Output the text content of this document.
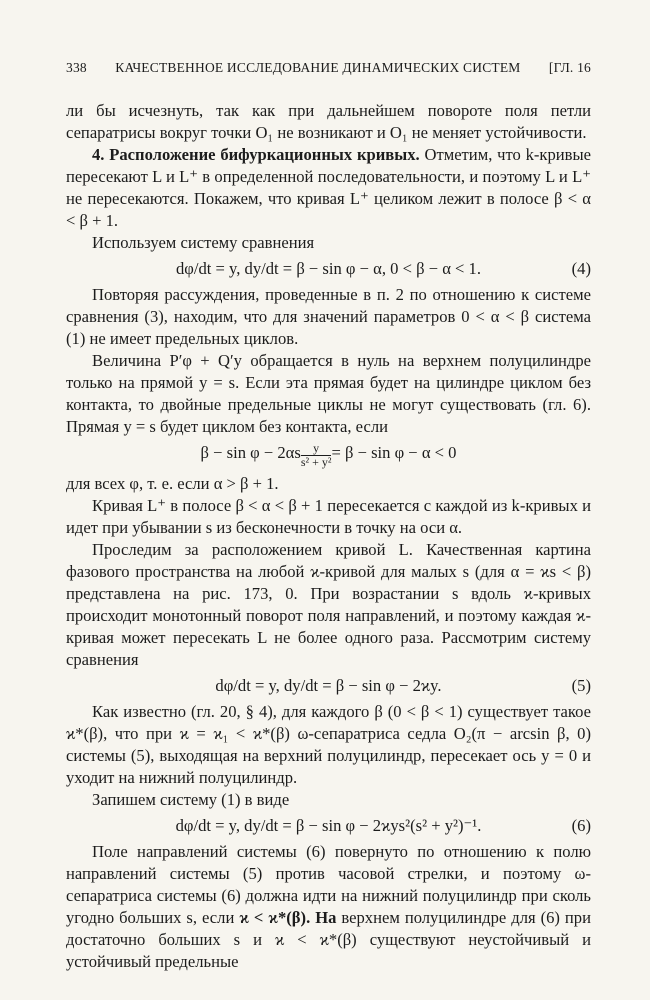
338 КАЧЕСТВЕННОЕ ИССЛЕДОВАНИЕ ДИНАМИЧЕСКИХ СИСТЕМ [ГЛ. 16

ли бы исчезнуть, так как при дальнейшем повороте поля петли сепаратрисы вокруг точки O₁ не возникают и O₁ не меняет устойчивости.

4. Расположение бифуркационных кривых. Отметим, что k-кривые пересекают L и L⁺ в определенной последовательности, и поэтому L и L⁺ не пересекаются. Покажем, что кривая L⁺ целиком лежит в полосе β < α < β + 1.

Используем систему сравнения

dφ/dt = y, dy/dt = β − sin φ − α, 0 < β − α < 1.	(4)

Повторяя рассуждения, проведенные в п. 2 по отношению к системе сравнения (3), находим, что для значений параметров 0 < α < β система (1) не имеет предельных циклов.

Величина P′φ + Q′y обращается в нуль на верхнем полуцилиндре только на прямой y = s. Если эта прямая будет на цилиндре циклом без контакта, то двойные предельные циклы не могут существовать (гл. 6). Прямая y = s будет циклом без контакта, если

$\beta - \sin \varphi - 2\alpha s \frac{y}{\text{s² + y²}} = \beta - \sin \varphi - \alpha < 0$

для всех φ, т. е. если α > β + 1.

Кривая L⁺ в полосе β < α < β + 1 пересекается с каждой из k-кривых и идет при убывании s из бесконечности в точку на оси α.

Проследим за расположением кривой L. Качественная картина фазового пространства на любой ϰ-кривой для малых s (для α = ϰs < β) представлена на рис. 173, 0. При возрастании s вдоль ϰ-кривых происходит монотонный поворот поля направлений, и поэтому каждая ϰ-кривая может пересекать L не более одного раза. Рассмотрим систему сравнения

dφ/dt = y, dy/dt = β − sin φ − 2ϰy.	(5)

Как известно (гл. 20, § 4), для каждого β (0 < β < 1) существует такое ϰ*(β), что при ϰ = ϰ₁ < ϰ*(β) ω-сепаратриса седла O₂(π − arcsin β, 0) системы (5), выходящая на верхний полуцилиндр, пересекает ось y = 0 и уходит на нижний полуцилиндр.

Запишем систему (1) в виде

dφ/dt = y, dy/dt = β − sin φ − 2ϰys²(s² + y²)⁻¹.	(6)

Поле направлений системы (6) повернуто по отношению к полю направлений системы (5) против часовой стрелки, и поэтому ω-сепаратриса системы (6) должна идти на нижний полуцилиндр при сколь угодно больших s, если ϰ < ϰ*(β). На верхнем полуцилиндре для (6) при достаточно больших s и ϰ < ϰ*(β) существуют неустойчивый и устойчивый предельные
